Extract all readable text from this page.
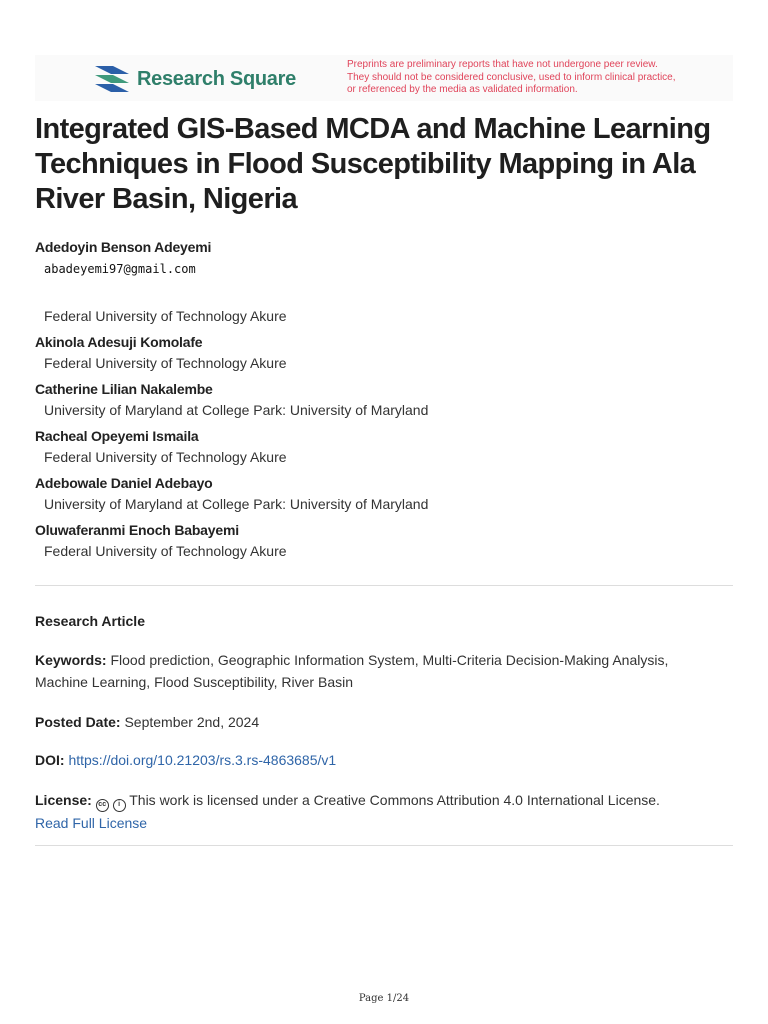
Research Square
Preprints are preliminary reports that have not undergone peer review.
They should not be considered conclusive, used to inform clinical practice,
or referenced by the media as validated information.
Integrated GIS-Based MCDA and Machine Learning
Techniques in Flood Susceptibility Mapping in Ala
River Basin, Nigeria
Adedoyin Benson Adeyemi
abadeyemi97@gmail.com
Federal University of Technology Akure
Akinola Adesuji Komolafe
Federal University of Technology Akure
Catherine Lilian Nakalembe
University of Maryland at College Park: University of Maryland
Racheal Opeyemi Ismaila
Federal University of Technology Akure
Adebowale Daniel Adebayo
University of Maryland at College Park: University of Maryland
Oluwaferanmi Enoch Babayemi
Federal University of Technology Akure
Research Article
Keywords: Flood prediction, Geographic Information System, Multi-Criteria Decision-Making Analysis,
Machine Learning, Flood Susceptibility, River Basin
Posted Date: September 2nd, 2024
DOI: https://doi.org/10.21203/rs.3.rs-4863685/v1
License: cc i This work is licensed under a Creative Commons Attribution 4.0 International License.
Read Full License
Page 1/24
